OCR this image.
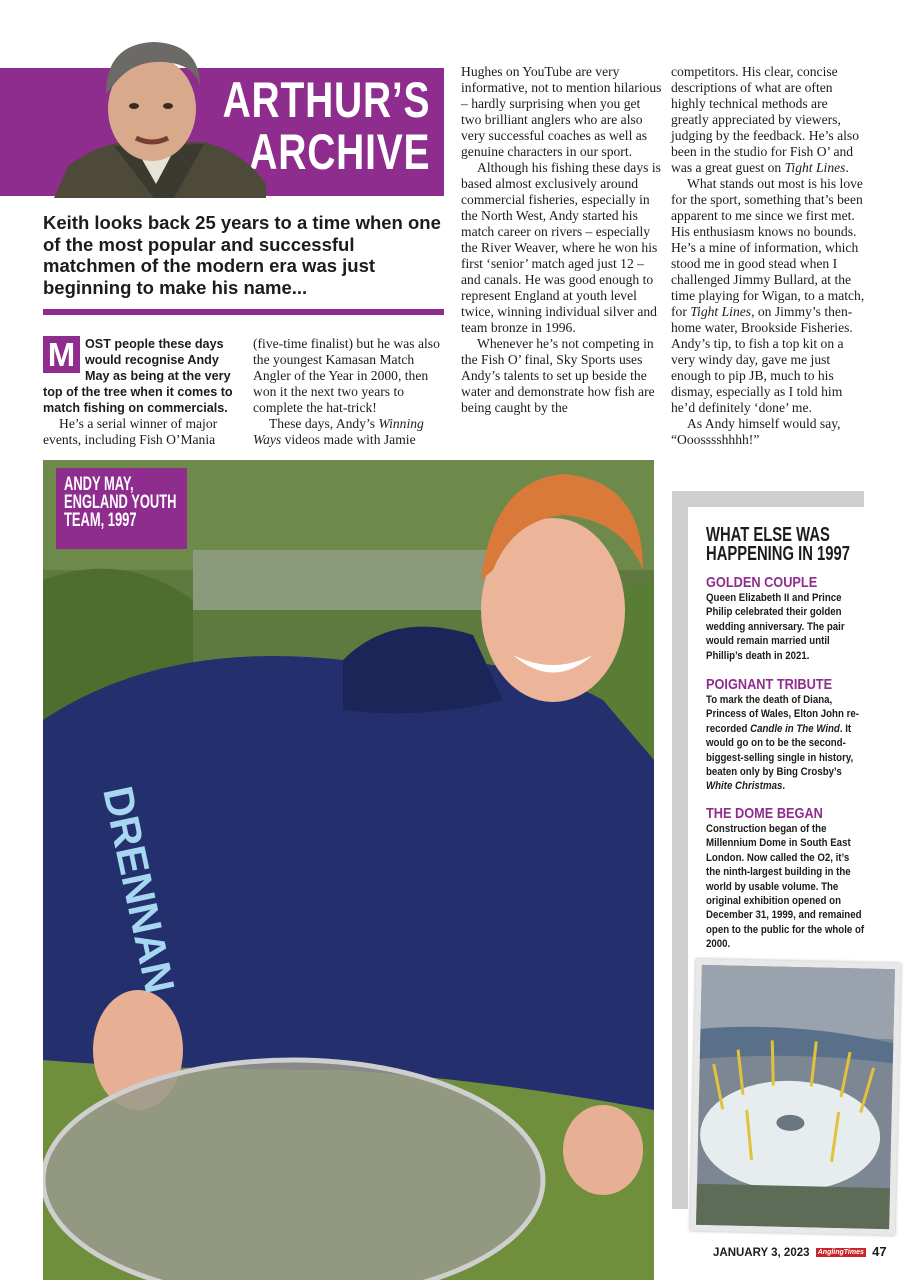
ARTHUR’S
ARCHIVE
Keith looks back 25 years to a time when one of the most popular and successful matchmen of the modern era was just beginning to make his name...

M OST people these days would recognise Andy May as being at the very top of the tree when it comes to match fishing on commercials.

He’s a serial winner of major events, including Fish O’Mania

(five-time finalist) but he was also the youngest Kamasan Match Angler of the Year in 2000, then won it the next two years to complete the hat-trick!

These days, Andy’s Winning Ways videos made with Jamie

Hughes on YouTube are very informative, not to mention hilarious – hardly surprising when you get two brilliant anglers who are also very successful coaches as well as genuine characters in our sport.

Although his fishing these days is based almost exclusively around commercial fisheries, especially in the North West, Andy started his match career on rivers – especially the River Weaver, where he won his first ‘senior’ match aged just 12 – and canals. He was good enough to represent England at youth level twice, winning individual silver and team bronze in 1996.

Whenever he’s not competing in the Fish O’ final, Sky Sports uses Andy’s talents to set up beside the water and demonstrate how fish are being caught by the

competitors. His clear, concise descriptions of what are often highly technical methods are greatly appreciated by viewers, judging by the feedback. He’s also been in the studio for Fish O’ and was a great guest on Tight Lines.

What stands out most is his love for the sport, something that’s been apparent to me since we first met. His enthusiasm knows no bounds. He’s a mine of information, which stood me in good stead when I challenged Jimmy Bullard, at the time playing for Wigan, to a match, for Tight Lines, on Jimmy’s then-home water, Brookside Fisheries. Andy’s tip, to fish a top kit on a very windy day, gave me just enough to pip JB, much to his dismay, especially as I told him he’d definitely ‘done’ me.

As Andy himself would say, “Ooosssshhhh!”

DRENNAN
ANDY MAY,
ENGLAND YOUTH
TEAM, 1997
WHAT ELSE WAS
HAPPENING IN 1997
GOLDEN COUPLE
Queen Elizabeth II and Prince Philip celebrated their golden wedding anniversary. The pair would remain married until Phillip’s death in 2021.
POIGNANT TRIBUTE
To mark the death of Diana, Princess of Wales, Elton John re-recorded Candle in The Wind. It would go on to be the second-biggest-selling single in history, beaten only by Bing Crosby’s White Christmas.
THE DOME BEGAN
Construction began of the Millennium Dome in South East London. Now called the O2, it’s the ninth-largest building in the world by usable volume. The original exhibition opened on December 31, 1999, and remained open to the public for the whole of 2000.
JANUARY 3, 2023 AnglingTimes 47
